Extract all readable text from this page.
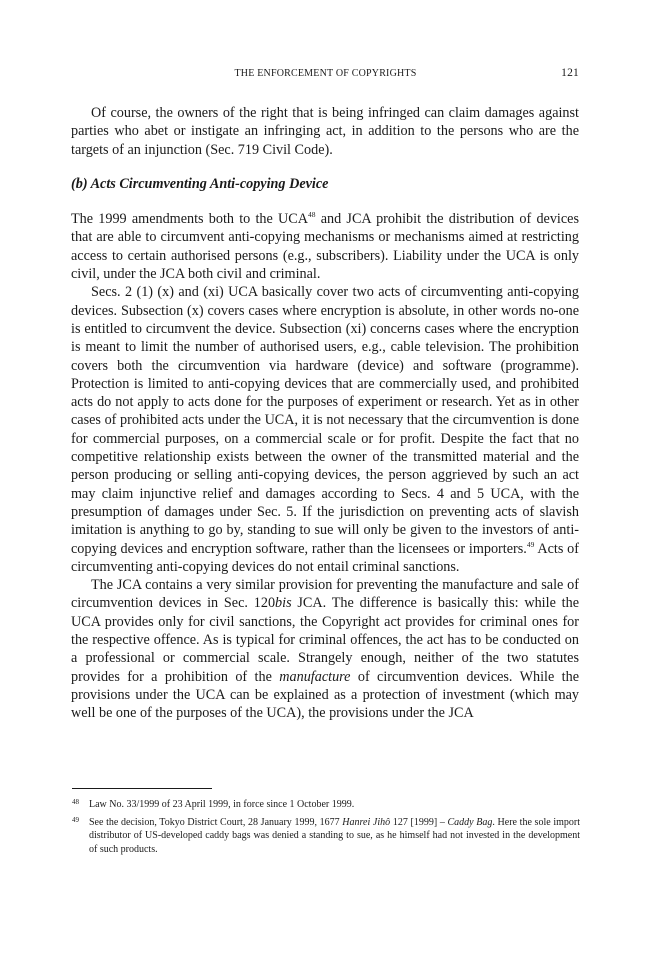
THE ENFORCEMENT OF COPYRIGHTS	121

Of course, the owners of the right that is being infringed can claim damages against parties who abet or instigate an infringing act, in addition to the persons who are the targets of an injunction (Sec. 719 Civil Code).

(b) Acts Circumventing Anti-copying Device

The 1999 amendments both to the UCA$^{48}$ and JCA prohibit the distribution of devices that are able to circumvent anti-copying mechanisms or mechanisms aimed at restricting access to certain authorised persons (e.g., subscribers). Liability under the UCA is only civil, under the JCA both civil and criminal.

Secs. 2 (1) (x) and (xi) UCA basically cover two acts of circumventing anti-copying devices. Subsection (x) covers cases where encryption is absolute, in other words no-one is entitled to circumvent the device. Subsection (xi) concerns cases where the encryption is meant to limit the number of authorised users, e.g., cable television. The prohibition covers both the circumvention via hardware (device) and software (programme). Protection is limited to anti-copying devices that are commercially used, and prohibited acts do not apply to acts done for the purposes of experiment or research. Yet as in other cases of prohibited acts under the UCA, it is not necessary that the circumvention is done for commercial purposes, on a commercial scale or for profit. Despite the fact that no competitive relationship exists between the owner of the transmitted material and the person producing or selling anti-copying devices, the person aggrieved by such an act may claim injunctive relief and damages according to Secs. 4 and 5 UCA, with the presumption of damages under Sec. 5. If the jurisdiction on preventing acts of slavish imitation is anything to go by, standing to sue will only be given to the investors of anti-copying devices and encryption software, rather than the licensees or importers.$^{49}$ Acts of circumventing anti-copying devices do not entail criminal sanctions.

The JCA contains a very similar provision for preventing the manufacture and sale of circumvention devices in Sec. 120bis JCA. The difference is basically this: while the UCA provides only for civil sanctions, the Copyright act provides for criminal ones for the respective offence. As is typical for criminal offences, the act has to be conducted on a professional or commercial scale. Strangely enough, neither of the two statutes provides for a prohibition of the manufacture of circumvention devices. While the provisions under the UCA can be explained as a protection of investment (which may well be one of the purposes of the UCA), the provisions under the JCA

48 Law No. 33/1999 of 23 April 1999, in force since 1 October 1999.
49 See the decision, Tokyo District Court, 28 January 1999, 1677 Hanrei Jihô 127 [1999] – Caddy Bag. Here the sole import distributor of US-developed caddy bags was denied a standing to sue, as he himself had not invested in the development of such products.
